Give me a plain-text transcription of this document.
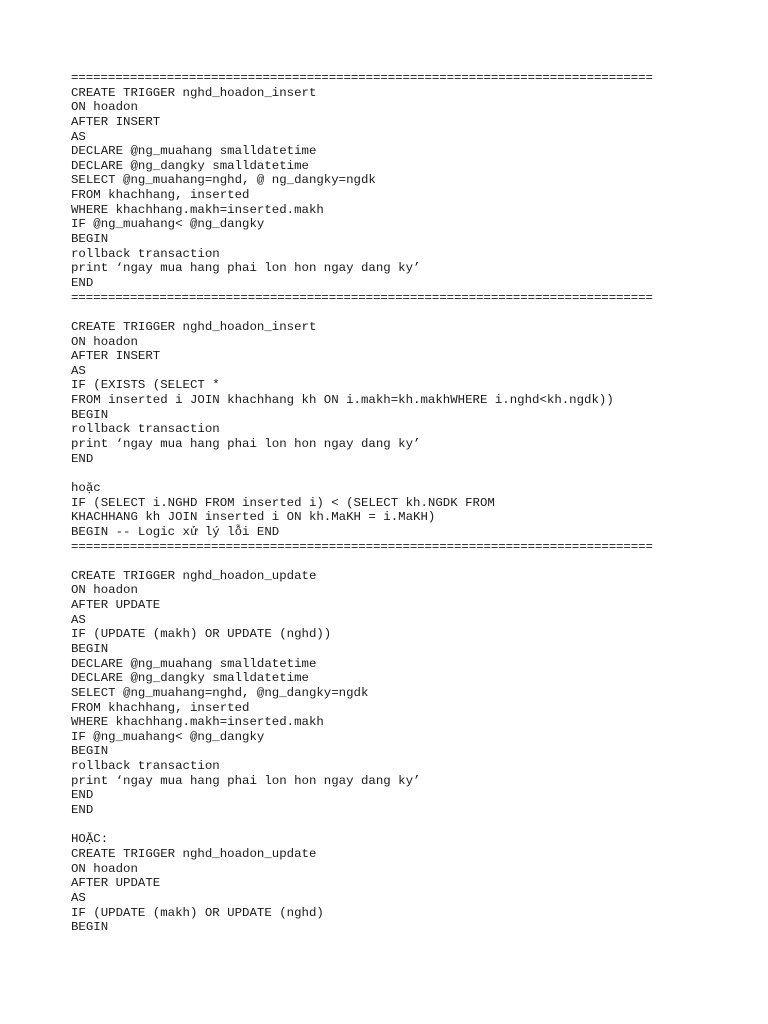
===============================================================================
CREATE TRIGGER nghd_hoadon_insert
ON hoadon
AFTER INSERT
AS
DECLARE @ng_muahang smalldatetime
DECLARE @ng_dangky smalldatetime
SELECT @ng_muahang=nghd, @ ng_dangky=ngdk
FROM khachhang, inserted
WHERE khachhang.makh=inserted.makh
IF @ng_muahang< @ng_dangky
BEGIN
rollback transaction
print ‘ngay mua hang phai lon hon ngay dang ky’
END
===============================================================================
CREATE TRIGGER nghd_hoadon_insert
ON hoadon
AFTER INSERT
AS
IF (EXISTS (SELECT *
FROM inserted i JOIN khachhang kh ON i.makh=kh.makhWHERE i.nghd<kh.ngdk))
BEGIN
rollback transaction
print ‘ngay mua hang phai lon hon ngay dang ky’
END
hoặc
IF (SELECT i.NGHD FROM inserted i) < (SELECT kh.NGDK FROM
KHACHHANG kh JOIN inserted i ON kh.MaKH = i.MaKH)
BEGIN -- Logic xử lý lỗi END
===============================================================================
CREATE TRIGGER nghd_hoadon_update
ON hoadon
AFTER UPDATE
AS
IF (UPDATE (makh) OR UPDATE (nghd))
BEGIN
DECLARE @ng_muahang smalldatetime
DECLARE @ng_dangky smalldatetime
SELECT @ng_muahang=nghd, @ng_dangky=ngdk
FROM khachhang, inserted
WHERE khachhang.makh=inserted.makh
IF @ng_muahang< @ng_dangky
BEGIN
rollback transaction
print ‘ngay mua hang phai lon hon ngay dang ky’
END
END
HOẶC:
CREATE TRIGGER nghd_hoadon_update
ON hoadon
AFTER UPDATE
AS
IF (UPDATE (makh) OR UPDATE (nghd)
BEGIN
